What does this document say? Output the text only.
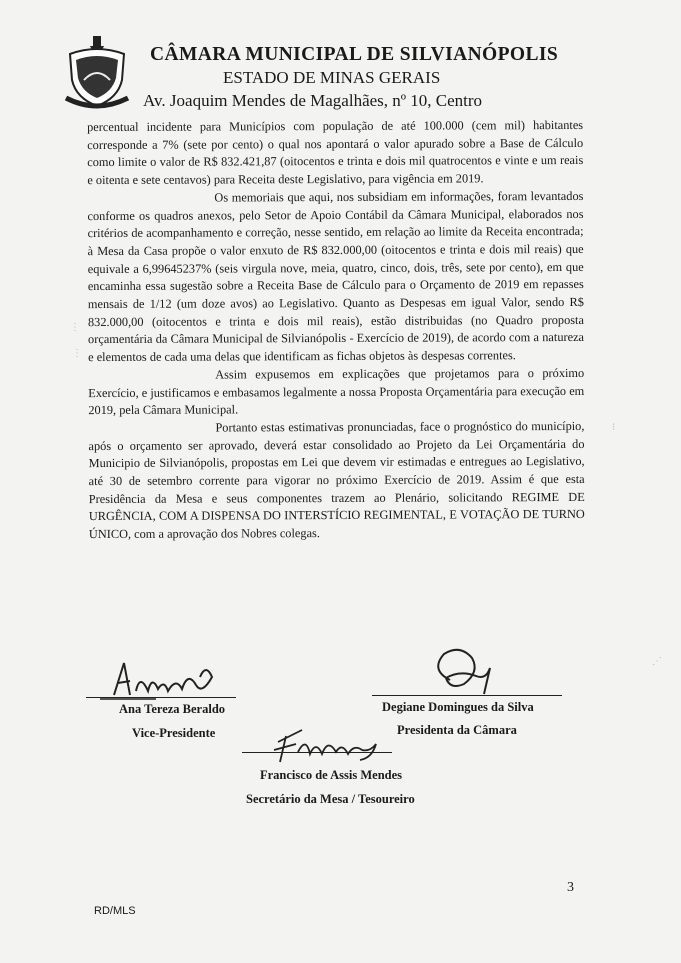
CÂMARA MUNICIPAL DE SILVIANÓPOLIS
ESTADO DE MINAS GERAIS
Av. Joaquim Mendes de Magalhães, nº 10, Centro

percentual incidente para Municípios com população de até 100.000 (cem mil) habitantes corresponde a 7% (sete por cento) o qual nos apontará o valor apurado sobre a Base de Cálculo como limite o valor de R$ 832.421,87 (oitocentos e trinta e dois mil quatrocentos e vinte e um reais e oitenta e sete centavos) para Receita deste Legislativo, para vigência em 2019.

Os memoriais que aqui, nos subsidiam em informações, foram levantados conforme os quadros anexos, pelo Setor de Apoio Contábil da Câmara Municipal, elaborados nos critérios de acompanhamento e correção, nesse sentido, em relação ao limite da Receita encontrada; à Mesa da Casa propõe o valor enxuto de R$ 832.000,00 (oitocentos e trinta e dois mil reais) que equivale a 6,99645237% (seis virgula nove, meia, quatro, cinco, dois, três, sete por cento), em que encaminha essa sugestão sobre a Receita Base de Cálculo para o Orçamento de 2019 em repasses mensais de 1/12 (um doze avos) ao Legislativo. Quanto as Despesas em igual Valor, sendo R$ 832.000,00 (oitocentos e trinta e dois mil reais), estão distribuidas (no Quadro proposta orçamentária da Câmara Municipal de Silvianópolis - Exercício de 2019), de acordo com a natureza e elementos de cada uma delas que identificam as fichas objetos às despesas correntes.

Assim expusemos em explicações que projetamos para o próximo Exercício, e justificamos e embasamos legalmente a nossa Proposta Orçamentária para execução em 2019, pela Câmara Municipal.

Portanto estas estimativas pronunciadas, face o prognóstico do município, após o orçamento ser aprovado, deverá estar consolidado ao Projeto da Lei Orçamentária do Municipio de Silvianópolis, propostas em Lei que devem vir estimadas e entregues ao Legislativo, até 30 de setembro corrente para vigorar no próximo Exercício de 2019. Assim é que esta Presidência da Mesa e seus componentes trazem ao Plenário, solicitando REGIME DE URGÊNCIA, COM A DISPENSA DO INTERSTÍCIO REGIMENTAL, E VOTAÇÃO DE TURNO ÚNICO, com a aprovação dos Nobres colegas.

Ana Tereza Beraldo
Vice-Presidente
Degiane Domingues da Silva
Presidenta da Câmara
Francisco de Assis Mendes
Secretário da Mesa / Tesoureiro
3
RD/MLS
⋮
⋮
⋰
⁝
